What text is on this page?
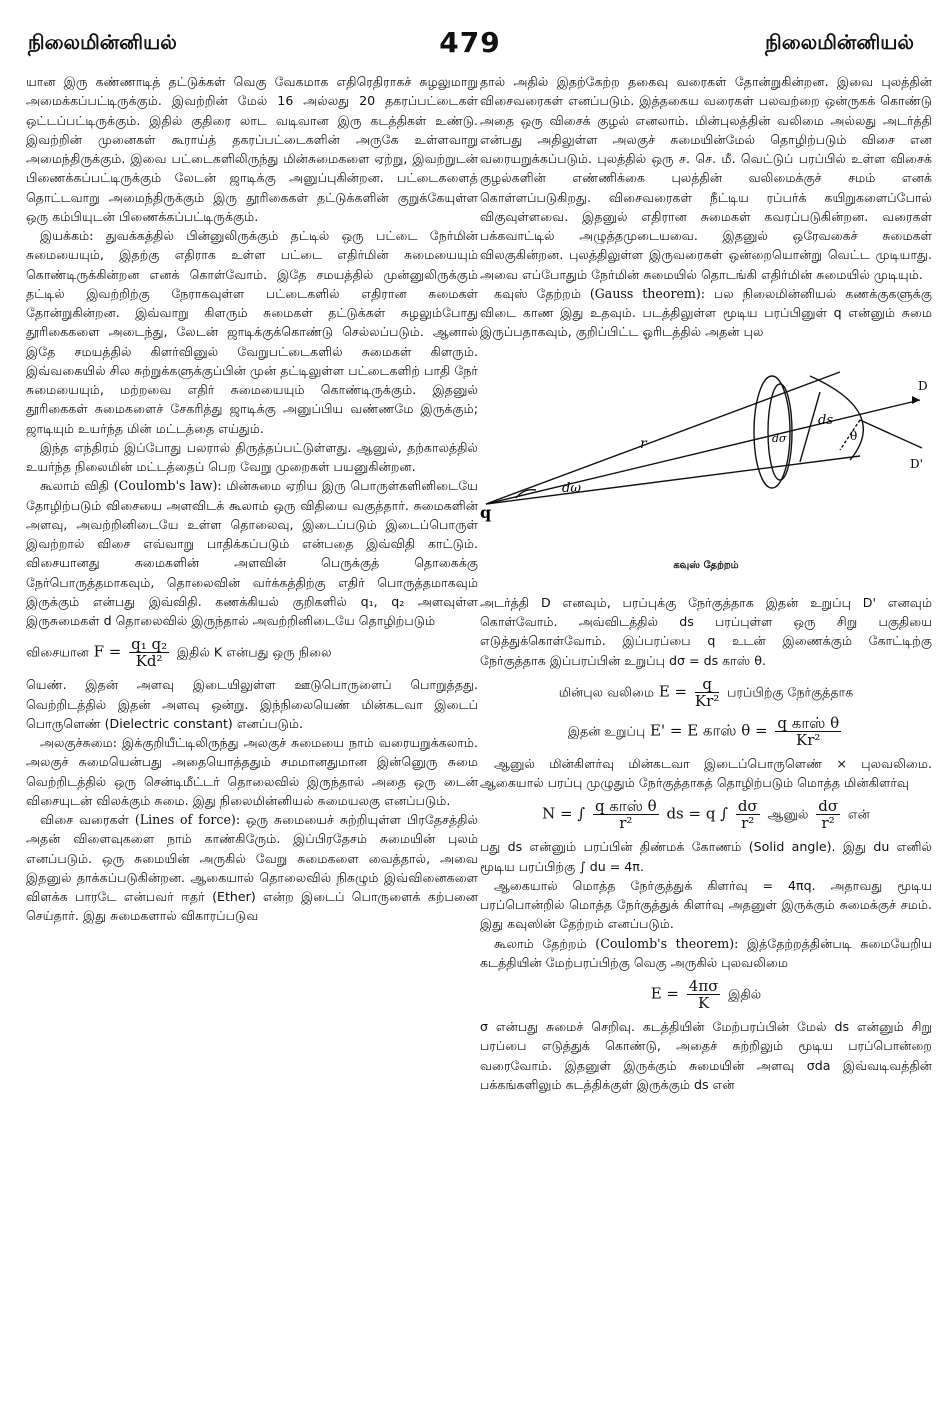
நிலைமின்னியல்	479	நிலைமின்னியல்

யான இரு கண்ணாடித் தட்டுக்கள் வெகு வேகமாக எதிரெதிராகச் சுழலுமாறு அமைக்கப்பட்டிருக்கும். இவற்றின் மேல் 16 அல்லது 20 தகரப்பட்டைகள் ஒட்டப்பட்டிருக்கும். இதில் குதிரை லாட வடிவான இரு கடத்திகள் உண்டு. இவற்றின் முனைகள் கூராய்த் தகரப்பட்டைகளின் அருகே உள்ளவாறு அமைந்திருக்கும். இவை பட்டைகளிலிருந்து மின்சுமைகளை ஏற்று, இவற்றுடன் பிணைக்கப்பட்டிருக்கும் லேடன் ஜாடிக்கு அனுப்புகின்றன. பட்டைகளைத் தொட்டவாறு அமைந்திருக்கும் இரு தூரிகைகள் தட்டுக்களின் குறுக்கேயுள்ள ஒரு கம்பியுடன் பிணைக்கப்பட்டிருக்கும்.

இயக்கம்: துவக்கத்தில் பின்னுலிருக்கும் தட்டில் ஒரு பட்டை நேர்மின் சுமையையும், இதற்கு எதிராக உள்ள பட்டை எதிர்மின் சுமையையும் கொண்டிருக்கின்றன எனக் கொள்வோம். இதே சமயத்தில் முன்னுலிருக்கும் தட்டில் இவற்றிற்கு நேராகவுள்ள பட்டைகளில் எதிரான சுமைகள் தோன்றுகின்றன. இவ்வாறு கிளரும் சுமைகள் தட்டுக்கள் சுழலும்போது தூரிகைகளை அடைந்து, லேடன் ஜாடிக்குக்கொண்டு செல்லப்படும். ஆனால் இதே சமயத்தில் கிளர்வினுல் வேறுபட்டைகளில் சுமைகள் கிளரும். இவ்வகையில் சில சுற்றுக்களுக்குப்பின் முன் தட்டிலுள்ள பட்டைகளிற் பாதி நேர் சுமையையும், மற்றவை எதிர் சுமையையும் கொண்டிருக்கும். இதனுல் தூரிகைகள் சுமைகளைச் சேகரித்து ஜாடிக்கு அனுப்பிய வண்ணமே இருக்கும்; ஜாடியும் உயர்ந்த மின் மட்டத்தை எய்தும்.

இந்த எந்திரம் இப்போது பலரால் திருத்தப்பட்டுள்ளது. ஆனுல், தற்காலத்தில் உயர்ந்த நிலைமின் மட்டத்தைப் பெற வேறு முறைகள் பயனுகின்றன.

கூலாம் விதி (Coulomb's law): மின்சுமை ஏறிய இரு பொருள்களினிடையே தோழிற்படும் விசையை அளவிடக் கூலாம் ஒரு விதியை வகுத்தார். சுமைகளின் அளவு, அவற்றினிடையே உள்ள தொலைவு, இடைப்படும் இடைப்பொருள் இவற்றால் விசை எவ்வாறு பாதிக்கப்படும் என்பதை இவ்விதி காட்டும். விசையானது சுமைகளின் அளவின் பெருக்குத் தொகைக்கு நேர்பொருத்தமாகவும், தொலைவின் வர்க்கத்திற்கு எதிர் பொருத்தமாகவும் இருக்கும் என்பது இவ்விதி. கணக்கியல் குறிகளில் q₁, q₂ அளவுள்ள இருசுமைகள் d தொலைவில் இருந்தால் அவற்றினிடையே தொழிற்படும்

விசையான $F = \frac{\text{q₁ q₂}}{\text{Kd²}}$ இதில் K என்பது ஒரு நிலை

யெண். இதன் அளவு இடையிலுள்ள ஊடுபொருளைப் பொறுத்தது. வெற்றிடத்தில் இதன் அளவு ஒன்று. இந்நிலையெண் மின்கடவா இடைப் பொருளெண் (Dielectric constant) எனப்படும்.

அலகுச்சுமை: இக்குறியீட்டிலிருந்து அலகுச் சுமையை நாம் வரையறுக்கலாம். அலகுச் சுமையென்பது அதையொத்ததும் சமமானதுமான இன்னுெரு சுமை வெற்றிடத்தில் ஒரு சென்டிமீட்டர் தொலைவில் இருந்தால் அதை ஒரு டைன் விசையுடன் விலக்கும் சுமை. இது நிலைமின்னியல் சுமையலகு எனப்படும்.

விசை வரைகள் (Lines of force): ஒரு சுமையைச் சுற்றியுள்ள பிரதேசத்தில் அதன் விளைவுகளை நாம் காண்கிருேம். இப்பிரதேசம் சுமையின் புலம் எனப்படும். ஒரு சுமையின் அருகில் வேறு சுமைகளை வைத்தால், அவை இதனுல் தாக்கப்படுகின்றன. ஆகையால் தொலைவில் நிகழும் இவ்வினைகளை விளக்க பாரடே என்பவர் ஈதர் (Ether) என்ற இடைப் பொருளைக் கற்பனை செய்தார். இது சுமைகளால் விகாரப்படுவ

தால் அதில் இதற்கேற்ற தகைவு வரைகள் தோன்றுகின்றன. இவை புலத்தின் விசைவரைகள் எனப்படும். இத்தகைய வரைகள் பலவற்றை ஒன்ருகக் கொண்டு அதை ஒரு விசைக் குழல் எனலாம். மின்புலத்தின் வலிமை அல்லது அடர்த்தி என்பது அதிலுள்ள அலகுச் சுமையின்மேல் தொழிற்படும் விசை என வரையறுக்கப்படும். புலத்தில் ஒரு ச. செ. மீ. வெட்டுப் பரப்பில் உள்ள விசைக் குழல்களின் எண்ணிக்கை புலத்தின் வலிமைக்குச் சமம் எனக் கொள்ளப்படுகிறது. விசைவரைகள் நீட்டிய ரப்பர்க் கயிறுகளைப்போல் விகுவுள்ளவை. இதனுல் எதிரான சுமைகள் கவரப்படுகின்றன. வரைகள் பக்கவாட்டில் அழுத்தமுடையவை. இதனுல் ஒரேவகைச் சுமைகள் விலகுகின்றன. புலத்திலுள்ள இருவரைகள் ஒன்றையொன்று வெட்ட முடியாது. அவை எப்போதும் நேர்மின் சுமையில் தொடங்கி எதிர்மின் சுமையில் முடியும்.

கவுஸ் தேற்றம் (Gauss theorem): பல நிலைமின்னியல் கணக்குகளுக்கு விடை காண இது உதவும். படத்திலுள்ள மூடிய பரப்பினுள் q என்னும் சுமை இருப்பதாகவும், குறிப்பிட்ட ஓரிடத்தில் அதன் புல

q
r
dω
ds
dσ	θ
D
D'
கவுஸ் தேற்றம்

அடர்த்தி D எனவும், பரப்புக்கு நேர்குத்தாக இதன் உறுப்பு D' எனவும் கொள்வோம். அவ்விடத்தில் ds பரப்புள்ள ஒரு சிறு பகுதியை எடுத்துக்கொள்வோம். இப்பரப்பை q உடன் இணைக்கும் கோட்டிற்கு நேர்குத்தாக இப்பரப்பின் உறுப்பு dσ = ds காஸ் θ.

மின்புல வலிமை $E = \frac{q}{\text{Kr²}}$ பரப்பிற்கு நேர்குத்தாக
இதன் உறுப்பு E' = E காஸ் $\theta = \frac{\text{q காஸ் θ}}{\text{Kr²}}$

ஆனுல் மின்கிளர்வு மின்கடவா இடைப்பொருளெண் × புலவலிமை. ஆகையால் பரப்பு முழுதும் நேர்குத்தாகத் தொழிற்படும் மொத்த மின்கிளர்வு

N = ∫ $\frac{\text{q காஸ் θ}}{\text{r²}}$ ds = q ∫ $\frac{d\sigma}{\text{r²}}$ ஆனுல் $\frac{d\sigma}{\text{r²}}$ என்

பது ds என்னும் பரப்பின் திண்மக் கோணம் (Solid angle). இது du எனில் மூடிய பரப்பிற்கு ∫ du = 4π.

ஆகையால் மொத்த நேர்குத்துக் கிளர்வு = 4πq. அதாவது மூடிய பரப்பொன்றில் மொத்த நேர்குத்துக் கிளர்வு அதனுள் இருக்கும் சுமைக்குச் சமம். இது கவுஸின் தேற்றம் எனப்படும்.

கூலாம் தேற்றம் (Coulomb's theorem): இத்தேற்றத்தின்படி சுமையேறிய கடத்தியின் மேற்பரப்பிற்கு வெகு அருகில் புலவலிமை

$E = \frac{4\pi\sigma}{K}$ இதில்

σ என்பது சுமைச் செறிவு. கடத்தியின் மேற்பரப்பின் மேல் ds என்னும் சிறு பரப்பை எடுத்துக் கொண்டு, அதைச் சுற்றிலும் மூடிய பரப்பொன்றை வரைவோம். இதனுள் இருக்கும் சுமையின் அளவு σda இவ்வடிவத்தின் பக்கங்களிலும் கடத்திக்குள் இருக்கும் ds என்
